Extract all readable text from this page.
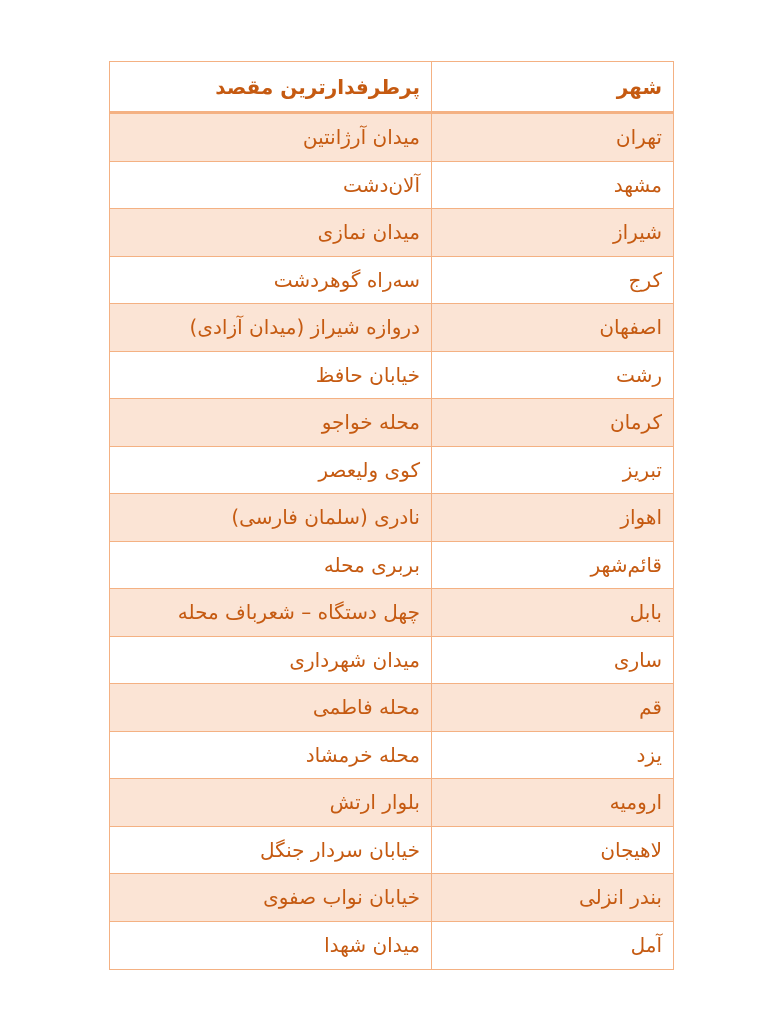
شهر
پرطرفدارترین مقصد
تهران
میدان آرژانتین
مشهد
آلان‌دشت
شیراز
میدان نمازی
کرج
سه‌راه گوهردشت
اصفهان
دروازه شیراز (میدان آزادی)
رشت
خیابان حافظ
کرمان
محله خواجو
تبریز
کوی ولیعصر
اهواز
نادری (سلمان فارسی)
قائم‌شهر
بربری محله
بابل
چهل دستگاه – شعرباف محله
ساری
میدان شهرداری
قم
محله فاطمی
یزد
محله خرمشاد
ارومیه
بلوار ارتش
لاهیجان
خیابان سردار جنگل
بندر انزلی
خیابان نواب صفوی
آمل
میدان شهدا
